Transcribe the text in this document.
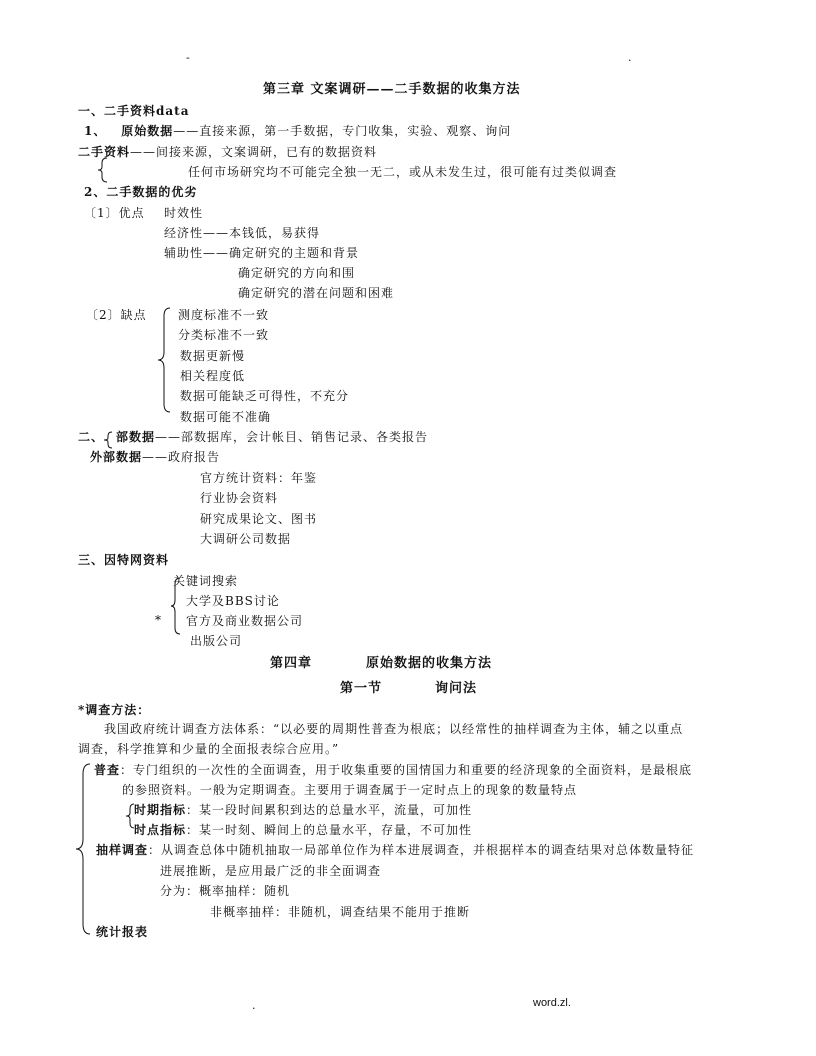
-	.
第三章 文案调研——二手数据的收集方法
一、二手资料data
1、 原始数据——直接来源，第一手数据，专门收集，实验、观察、询问
二手资料——间接来源，文案调研，已有的数据资料
任何市场研究均不可能完全独一无二，或从未发生过，很可能有过类似调查
2、二手数据的优劣
〔1〕优点 时效性
经济性——本钱低，易获得
辅助性——确定研究的主题和背景
确定研究的方向和围
确定研究的潜在问题和困难
〔2〕缺点	测度标准不一致
分类标准不一致
数据更新慢
相关程度低
数据可能缺乏可得性，不充分
数据可能不准确
二、 部数据——部数据库，会计帐目、销售记录、各类报告
外部数据——政府报告
官方统计资料：年鉴
行业协会资料
研究成果论文、图书
大调研公司数据
三、因特网资料
*
关键词搜索
大学及BBS讨论
官方及商业数据公司
出版公司
第四章	原始数据的收集方法
第一节	询问法
*调查方法：
我国政府统计调查方法体系：“以必要的周期性普查为根底；以经常性的抽样调查为主体，辅之以重点
调查，科学推算和少量的全面报表综合应用。”
普查：专门组织的一次性的全面调查，用于收集重要的国情国力和重要的经济现象的全面资料，是最根底
的参照资料。一般为定期调查。主要用于调查属于一定时点上的现象的数量特点
时期指标：某一段时间累积到达的总量水平，流量，可加性
时点指标：某一时刻、瞬间上的总量水平，存量，不可加性
抽样调查：从调查总体中随机抽取一局部单位作为样本进展调查，并根据样本的调查结果对总体数量特征
进展推断，是应用最广泛的非全面调查
分为：概率抽样：随机
非概率抽样：非随机，调查结果不能用于推断
统计报表
.	word.zl.
